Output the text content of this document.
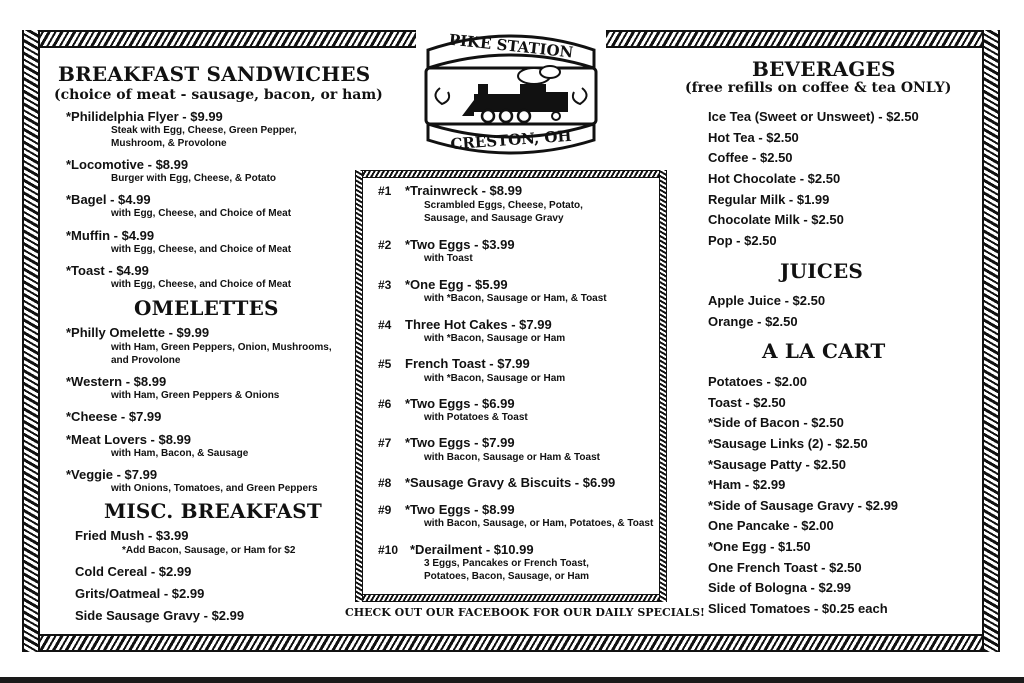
PIKE STATION
CRESTON, OH
BREAKFAST SANDWICHES
(choice of meat - sausage, bacon, or ham)
*Philidelphia Flyer - $9.99
Steak with Egg, Cheese, Green Pepper,
Mushroom, & Provolone
*Locomotive - $8.99
Burger with Egg, Cheese, & Potato
*Bagel - $4.99
with Egg, Cheese, and Choice of Meat
*Muffin - $4.99
with Egg, Cheese, and Choice of Meat
*Toast - $4.99
with Egg, Cheese, and Choice of Meat
OMELETTES
*Philly Omelette - $9.99
with Ham, Green Peppers, Onion, Mushrooms,
and Provolone
*Western - $8.99
with Ham, Green Peppers & Onions
*Cheese - $7.99
*Meat Lovers - $8.99
with Ham, Bacon, & Sausage
*Veggie - $7.99
with Onions, Tomatoes, and Green Peppers
MISC. BREAKFAST
Fried Mush - $3.99
*Add Bacon, Sausage, or Ham for $2
Cold Cereal - $2.99
Grits/Oatmeal - $2.99
Side Sausage Gravy - $2.99
#1 *Trainwreck - $8.99
Scrambled Eggs, Cheese, Potato,
Sausage, and Sausage Gravy
#2 *Two Eggs - $3.99
with Toast
#3 *One Egg - $5.99
with *Bacon, Sausage or Ham, & Toast
#4 Three Hot Cakes - $7.99
with *Bacon, Sausage or Ham
#5 French Toast - $7.99
with *Bacon, Sausage or Ham
#6 *Two Eggs - $6.99
with Potatoes & Toast
#7 *Two Eggs - $7.99
with Bacon, Sausage or Ham & Toast
#8 *Sausage Gravy & Biscuits - $6.99
#9 *Two Eggs - $8.99
with Bacon, Sausage, or Ham, Potatoes, & Toast
#10 *Derailment - $10.99
3 Eggs, Pancakes or French Toast,
Potatoes, Bacon, Sausage, or Ham
CHECK OUT OUR FACEBOOK FOR OUR DAILY SPECIALS!
BEVERAGES
(free refills on coffee & tea ONLY)
Ice Tea (Sweet or Unsweet) - $2.50
Hot Tea - $2.50
Coffee - $2.50
Hot Chocolate - $2.50
Regular Milk - $1.99
Chocolate Milk - $2.50
Pop - $2.50
JUICES
Apple Juice - $2.50
Orange - $2.50
A LA CART
Potatoes - $2.00
Toast - $2.50
*Side of Bacon - $2.50
*Sausage Links (2) - $2.50
*Sausage Patty - $2.50
*Ham - $2.99
*Side of Sausage Gravy - $2.99
One Pancake - $2.00
*One Egg - $1.50
One French Toast - $2.50
Side of Bologna - $2.99
Sliced Tomatoes - $0.25 each
